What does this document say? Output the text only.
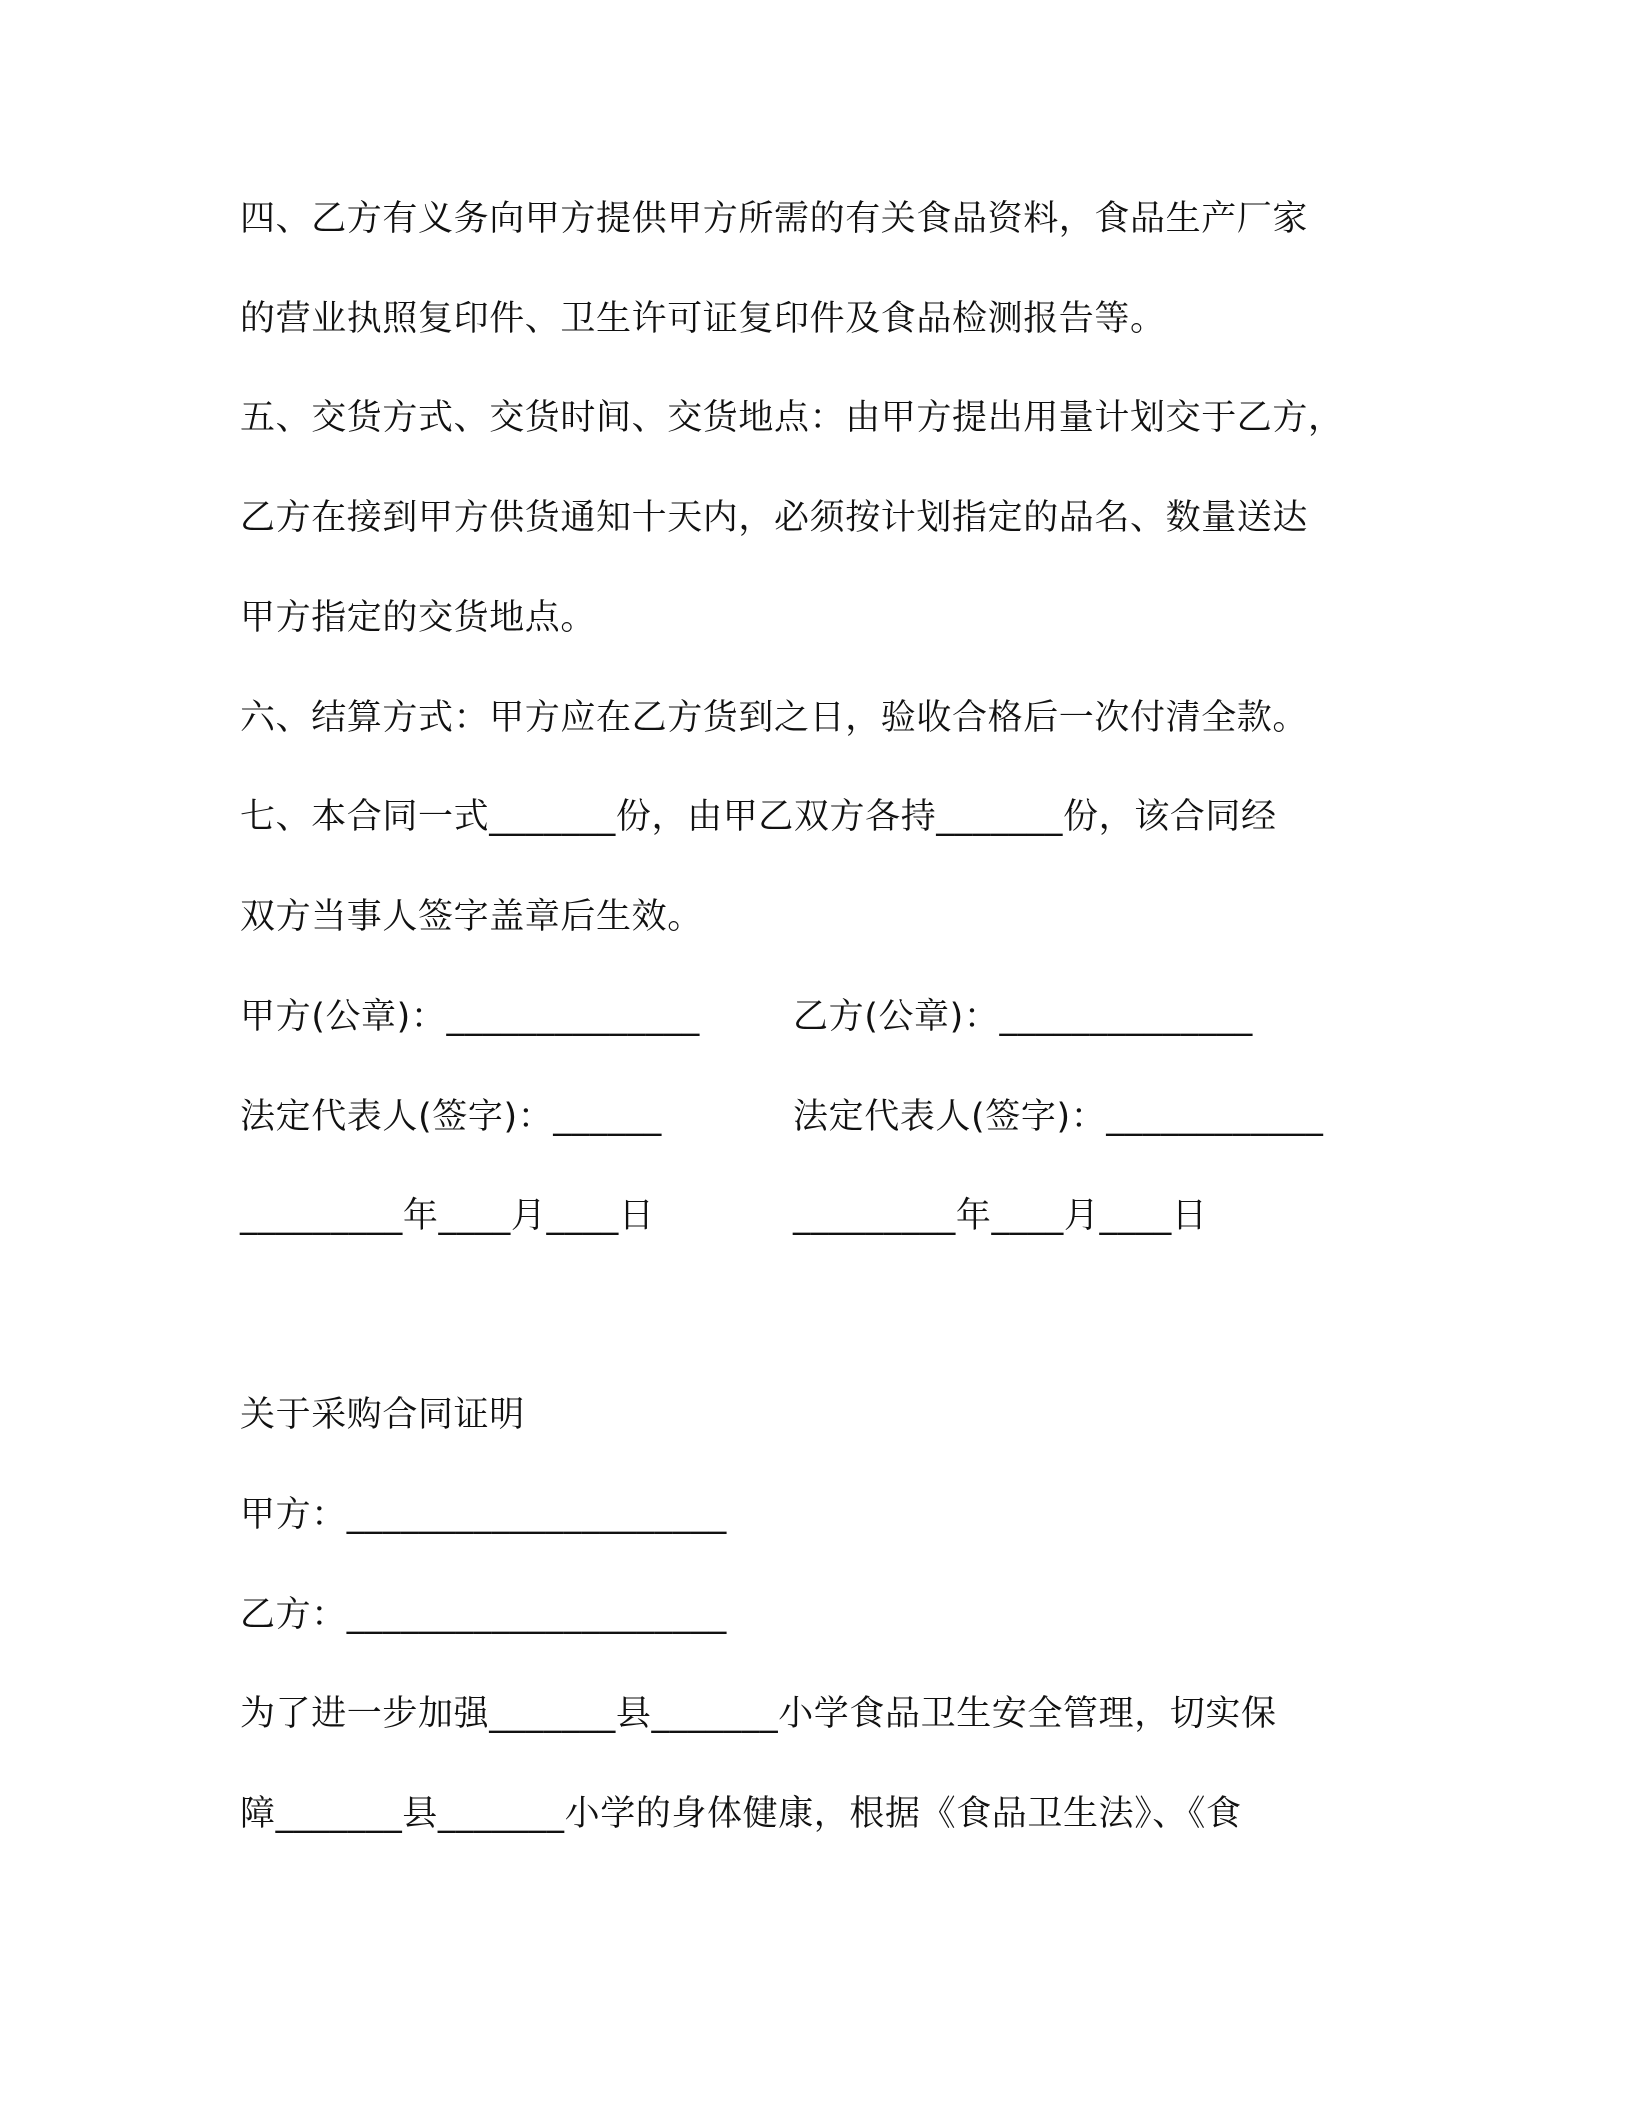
四、乙方有义务向甲方提供甲方所需的有关食品资料，食品生产厂家
的营业执照复印件、卫生许可证复印件及食品检测报告等。
五、交货方式、交货时间、交货地点：由甲方提出用量计划交于乙方，
乙方在接到甲方供货通知十天内，必须按计划指定的品名、数量送达
甲方指定的交货地点。
六、结算方式：甲方应在乙方货到之日，验收合格后一次付清全款。
七、本合同一式_______份，由甲乙双方各持_______份，该合同经
双方当事人签字盖章后生效。
甲方(公章)：______________	乙方(公章)：______________
法定代表人(签字)：______	法定代表人(签字)：____________
_________年____月____日	_________年____月____日
关于采购合同证明
甲方：_____________________
乙方：_____________________
为了进一步加强_______县_______小学食品卫生安全管理，切实保
障_______县_______小学的身体健康，根据《食品卫生法》、《食
